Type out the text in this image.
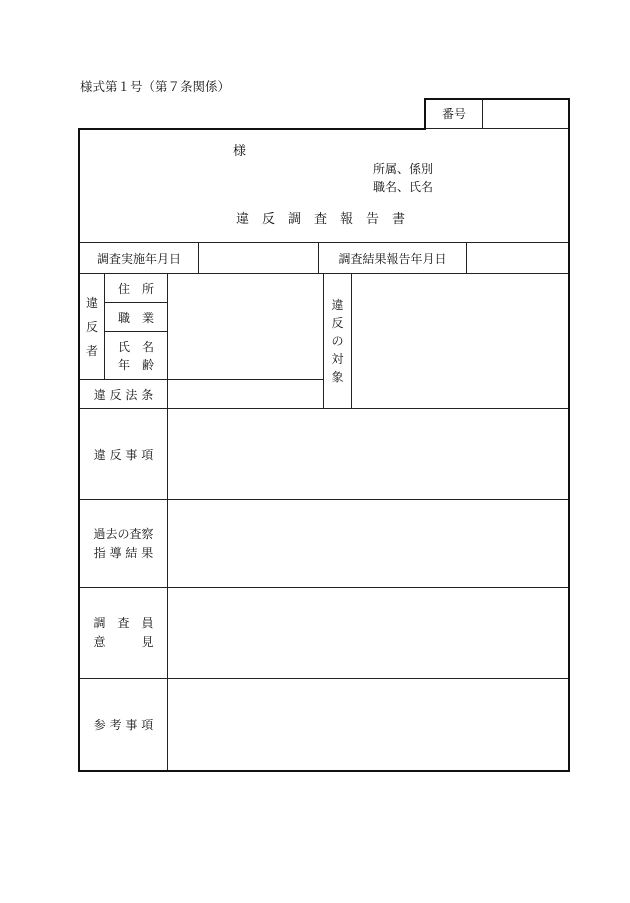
様式第１号（第７条関係）
番号
様
所属、係別
職名、氏名
違　反　調　査　報　告　書
調査実施年月日	調査結果報告年月日
違
反
者
住　所
職　業
氏　名
年　齢
違
反
の
対
象
違 反 法 条
違 反 事 項
過去の査察
指 導 結 果
調　査　員
意　　　見
参 考 事 項
